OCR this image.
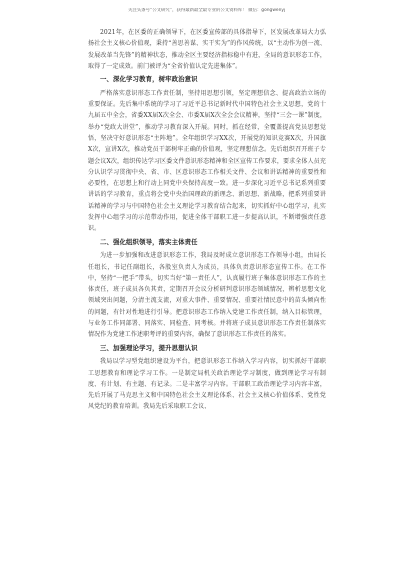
关注头条号“公文研究”，获得最新最全最专业的公文资料库！ 微信：gongwenyj

2021年，在区委的正确领导下，在区委宣传部的具体指导下，区发展改革局大力弘扬社会主义核心价值观，秉持“善思善谋、实干实为”的作风传统，以“主动作为创一流、发展改革当先锋”的精神状态，推动全区主要经济指标稳中有进，全局的意识形态工作，取得了一定成效。前门被评为“全省价值认定先进集体”。

一、深化学习教育，树牢政治意识

严格落实意识形态工作责任制，坚持用思想引领，坚定理想信念、提高政治立场的重要保证。先后集中系统的学习了习近平总书记新时代中国特色社会主义思想，党的十九届五中全会，省委XX届X次全会、市委X届X次全会会议精神，坚持“三会一课”制度，举办“党政大讲堂”，推动学习教育深入开展。同时，抓在经常，全覆盖提高党员思想觉悟，坚决守好意识形态“主阵地”。全年组织学习XX次，开展党的知识竞赛X次，升国旗X次，宣讲X次，推动党员干部树牢正确的价值观，坚定理想信念。先后组织召开班子专题会议X次，组织传达学习区委文件意识形态精神和全区宣传工作要求，要求全体人员充分认识学习贯彻中央、省、市、区意识形态工作相关文件、会议和讲话精神的重要性和必要性，在思想上和行动上同党中央保持高度一致。进一步深化习近平总书记系列重要讲话的学习教育，重点将会党中央治国理政的新理念、新思想、新战略，把系列重要讲话精神的学习与中国特色社会主义理论学习教育结合起来，切实抓好中心组学习，扎实发挥中心组学习的示范带动作用，促进全体干部职工进一步提高认识，不断增强责任意识。

二、强化组织领导，落实主体责任

为进一步加强和改进意识形态工作，我局及时成立意识形态工作领导小组，由局长任组长，书记任副组长，各股室负责人为成员，具体负责意识形态宣传工作。在工作中，坚持“一把手”带头，切实当好“第一责任人”，认真履行班子集体意识形态工作的主体责任，班子成员各负其责，定期召开会议分析研判意识形态领域情况，辨析思想文化领域突出问题，分清主流支流，对重大事件、重要情况、重要社情民意中的苗头倾向性的问题，有针对性地进行引导。把意识形态工作纳入党建工作责任制，纳入目标管理，与业务工作同部署、同落实、同检查、同考核。并将班子成员意识形态工作责任制落实情况作为党建工作述职考评的重要内容，确保了意识形态工作责任的落实。

三、加强理论学习，提升思想认识

我局以学习型党组织建设为平台，把意识形态工作纳入学习内容，切实抓好干部职工思想教育和理论学习工作。一是制定局机关政治理论学习制度，做到理论学习有制度、有计划、有主题、有记录。二是丰富学习内容。干部职工政治理论学习内容丰富，先后开展了马克思主义和中国特色社会主义理论体系、社会主义核心价值体系、党性党风党纪的教育培训。我局先后采取职工会议、
